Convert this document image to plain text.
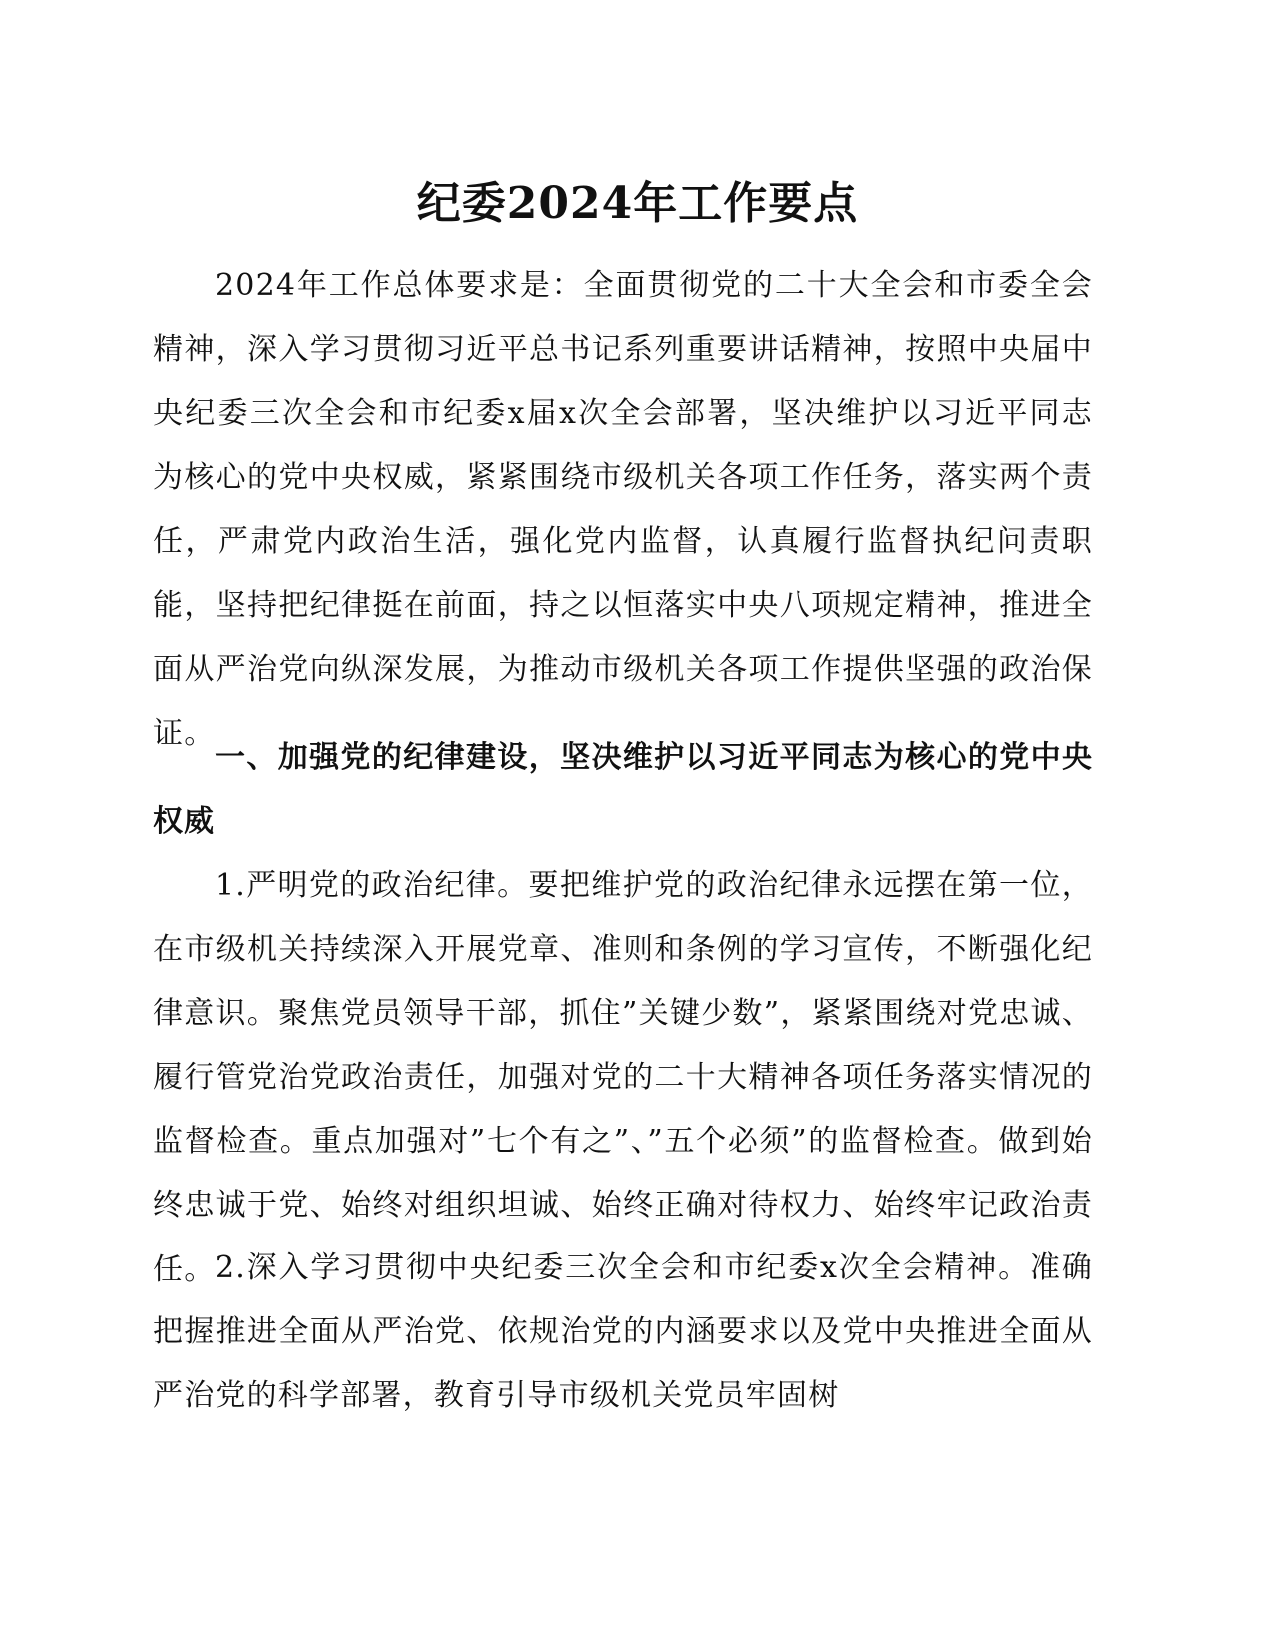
纪委2024年工作要点
2024年工作总体要求是：全面贯彻党的二十大全会和市委全会精神，深入学习贯彻习近平总书记系列重要讲话精神，按照中央届中央纪委三次全会和市纪委x届x次全会部署，坚决维护以习近平同志为核心的党中央权威，紧紧围绕市级机关各项工作任务，落实两个责任，严肃党内政治生活，强化党内监督，认真履行监督执纪问责职能，坚持把纪律挺在前面，持之以恒落实中央八项规定精神，推进全面从严治党向纵深发展，为推动市级机关各项工作提供坚强的政治保证。
一、加强党的纪律建设，坚决维护以习近平同志为核心的党中央权威
1.严明党的政治纪律。要把维护党的政治纪律永远摆在第一位，在市级机关持续深入开展党章、准则和条例的学习宣传，不断强化纪律意识。聚焦党员领导干部，抓住”关键少数”，紧紧围绕对党忠诚、履行管党治党政治责任，加强对党的二十大精神各项任务落实情况的监督检查。重点加强对”七个有之”、”五个必须”的监督检查。做到始终忠诚于党、始终对组织坦诚、始终正确对待权力、始终牢记政治责任。 2.深入学习贯彻中央纪委三次全会和市纪委x次全会精神。准确把握推进全面从严治党、依规治党的内涵要求以及党中央推进全面从严治党的科学部署，教育引导市级机关党员牢固树
